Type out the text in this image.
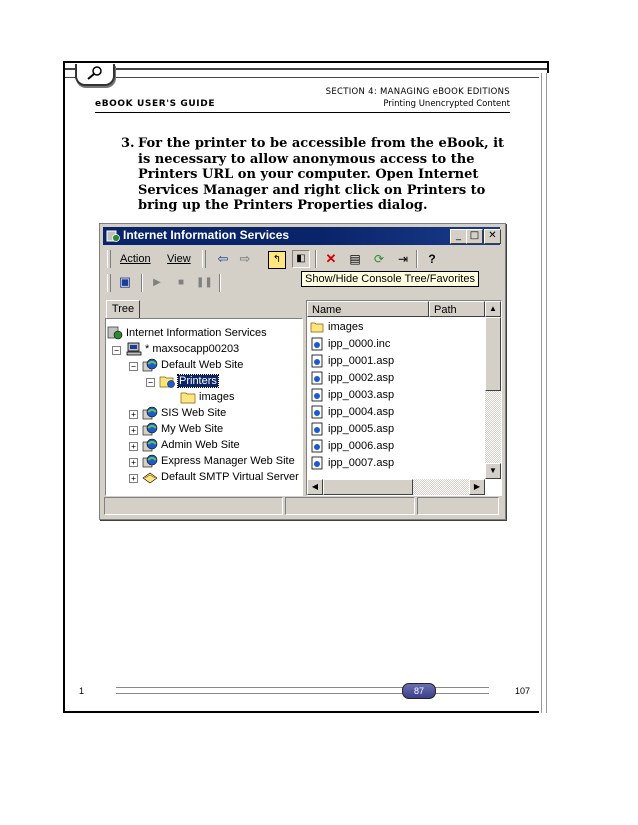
eBOOK USER'S GUIDE
SECTION 4: MANAGING eBOOK EDITIONS
Printing Unencrypted Content
3. For the printer to be accessible from the eBook, it
is necessary to allow anonymous access to the
Printers URL on your computer. Open Internet
Services Manager and right click on Printers to
bring up the Printers Properties dialog.
Internet Information Services	_ □ ✕
Action View ⇦ ⇨	↰	◧	✕ ▤ ⟳ ⇥	?
▣	▶	■	❚❚	Show/Hide Console Tree/Favorites
Tree
Internet Information Services
−	* maxsocapp00203
−	Default Web Site
−	Printers
images
+	SIS Web Site
+	My Web Site
+	Admin Web Site
+	Express Manager Web Site
+	Default SMTP Virtual Server
Name	Path
images
ipp_0000.inc
ipp_0001.asp
ipp_0002.asp
ipp_0003.asp
ipp_0004.asp
ipp_0005.asp
ipp_0006.asp
ipp_0007.asp
▲
▼
◀	▶
1	87	107
